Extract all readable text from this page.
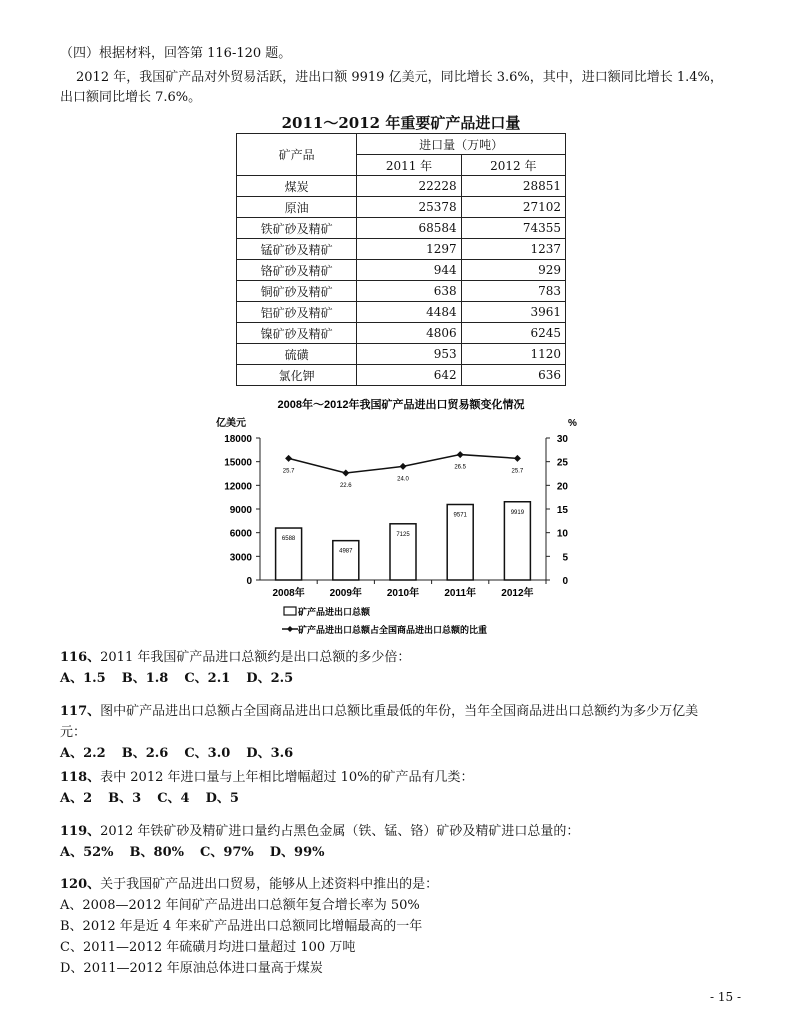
（四）根据材料，回答第 116-120 题。
2012 年，我国矿产品对外贸易活跃，进出口额 9919 亿美元，同比增长 3.6%，其中，进口额同比增长 1.4%，
出口额同比增长 7.6%。
2011～2012 年重要矿产品进口量
矿产品	进口量（万吨）	
	2011 年	2012 年
煤炭	22228	28851
原油	25378	27102
铁矿砂及精矿	68584	74355
锰矿砂及精矿	1297	1237
铬矿砂及精矿	944	929
铜矿砂及精矿	638	783
铝矿砂及精矿	4484	3961
镍矿砂及精矿	4806	6245
硫磺	953	1120
氯化钾	642	636
2008年～2012年我国矿产品进出口贸易额变化情况
亿美元	%
0
3000
6000
9000
12000
15000
18000
0
5
10
15
20
25
30
6588
2008年
4987
2009年
7125
2010年
9571
2011年
9919
2012年
25.7
22.6
24.0
26.5
25.7
矿产品进出口总额
矿产品进出口总额占全国商品进出口总额的比重
116、2011 年我国矿产品进口总额约是出口总额的多少倍：
A、1.5 B、1.8 C、2.1 D、2.5
117、图中矿产品进出口总额占全国商品进出口总额比重最低的年份，当年全国商品进出口总额约为多少万亿美
元：
A、2.2 B、2.6 C、3.0 D、3.6
118、表中 2012 年进口量与上年相比增幅超过 10%的矿产品有几类：
A、2 B、3 C、4 D、5
119、2012 年铁矿砂及精矿进口量约占黑色金属（铁、锰、铬）矿砂及精矿进口总量的：
A、52% B、80% C、97% D、99%
120、关于我国矿产品进出口贸易，能够从上述资料中推出的是：
A、2008—2012 年间矿产品进出口总额年复合增长率为 50%
B、2012 年是近 4 年来矿产品进出口总额同比增幅最高的一年
C、2011—2012 年硫磺月均进口量超过 100 万吨
D、2011—2012 年原油总体进口量高于煤炭
- 15 -
